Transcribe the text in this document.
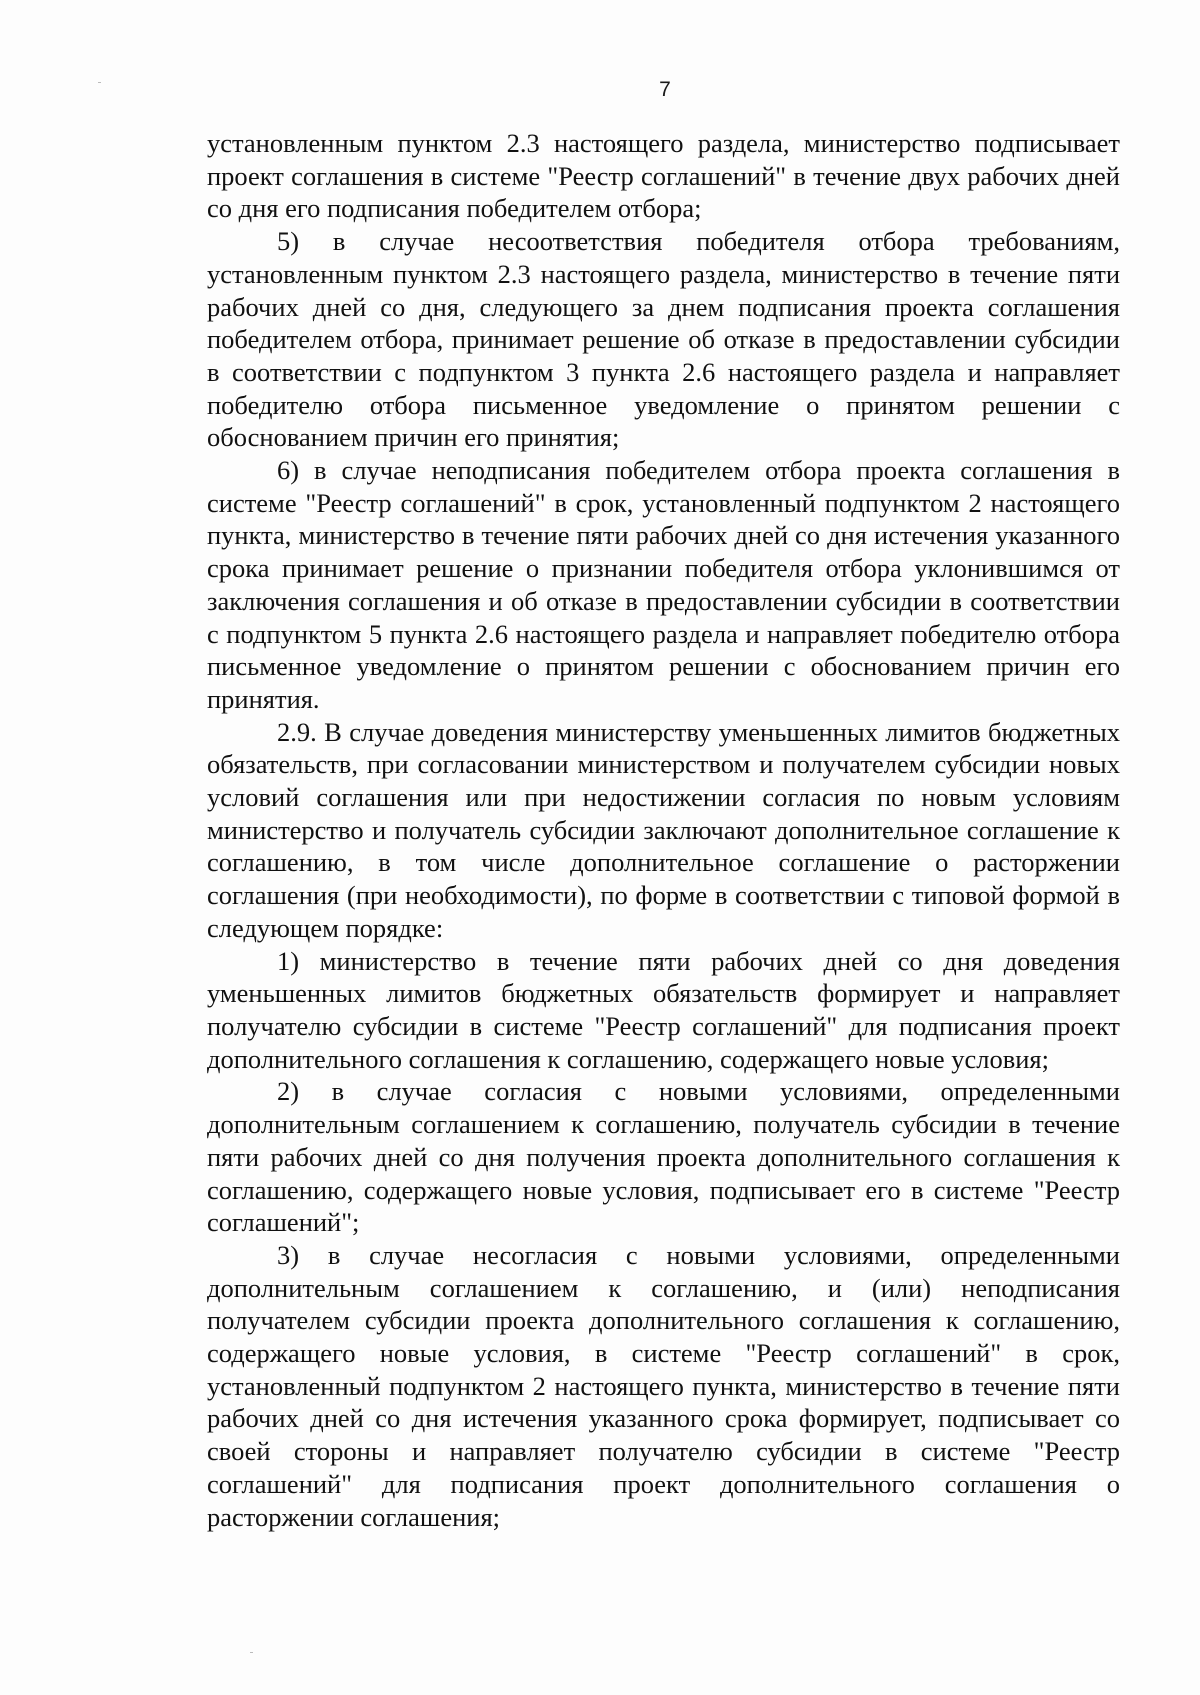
7

установленным пунктом 2.3 настоящего раздела, министерство подписывает проект соглашения в системе "Реестр соглашений" в течение двух рабочих дней со дня его подписания победителем отбора;

5) в случае несоответствия победителя отбора требованиям, установленным пунктом 2.3 настоящего раздела, министерство в течение пяти рабочих дней со дня, следующего за днем подписания проекта соглашения победителем отбора, принимает решение об отказе в предоставлении субсидии в соответствии с подпунктом 3 пункта 2.6 настоящего раздела и направляет победителю отбора письменное уведомление о принятом решении с обоснованием причин его принятия;

6) в случае неподписания победителем отбора проекта соглашения в системе "Реестр соглашений" в срок, установленный подпунктом 2 настоящего пункта, министерство в течение пяти рабочих дней со дня истечения указанного срока принимает решение о признании победителя отбора уклонившимся от заключения соглашения и об отказе в предоставлении субсидии в соответствии с подпунктом 5 пункта 2.6 настоящего раздела и направляет победителю отбора письменное уведомление о принятом решении с обоснованием причин его принятия.

2.9. В случае доведения министерству уменьшенных лимитов бюджетных обязательств, при согласовании министерством и получателем субсидии новых условий соглашения или при недостижении согласия по новым условиям министерство и получатель субсидии заключают дополнительное соглашение к соглашению, в том числе дополнительное соглашение о расторжении соглашения (при необходимости), по форме в соответствии с типовой формой в следующем порядке:

1) министерство в течение пяти рабочих дней со дня доведения уменьшенных лимитов бюджетных обязательств формирует и направляет получателю субсидии в системе "Реестр соглашений" для подписания проект дополнительного соглашения к соглашению, содержащего новые условия;

2) в случае согласия с новыми условиями, определенными дополнительным соглашением к соглашению, получатель субсидии в течение пяти рабочих дней со дня получения проекта дополнительного соглашения к соглашению, содержащего новые условия, подписывает его в системе "Реестр соглашений";

3) в случае несогласия с новыми условиями, определенными дополнительным соглашением к соглашению, и (или) неподписания получателем субсидии проекта дополнительного соглашения к соглашению, содержащего новые условия, в системе "Реестр соглашений" в срок, установленный подпунктом 2 настоящего пункта, министерство в течение пяти рабочих дней со дня истечения указанного срока формирует, подписывает со своей стороны и направляет получателю субсидии в системе "Реестр соглашений" для подписания проект дополнительного соглашения о расторжении соглашения;
